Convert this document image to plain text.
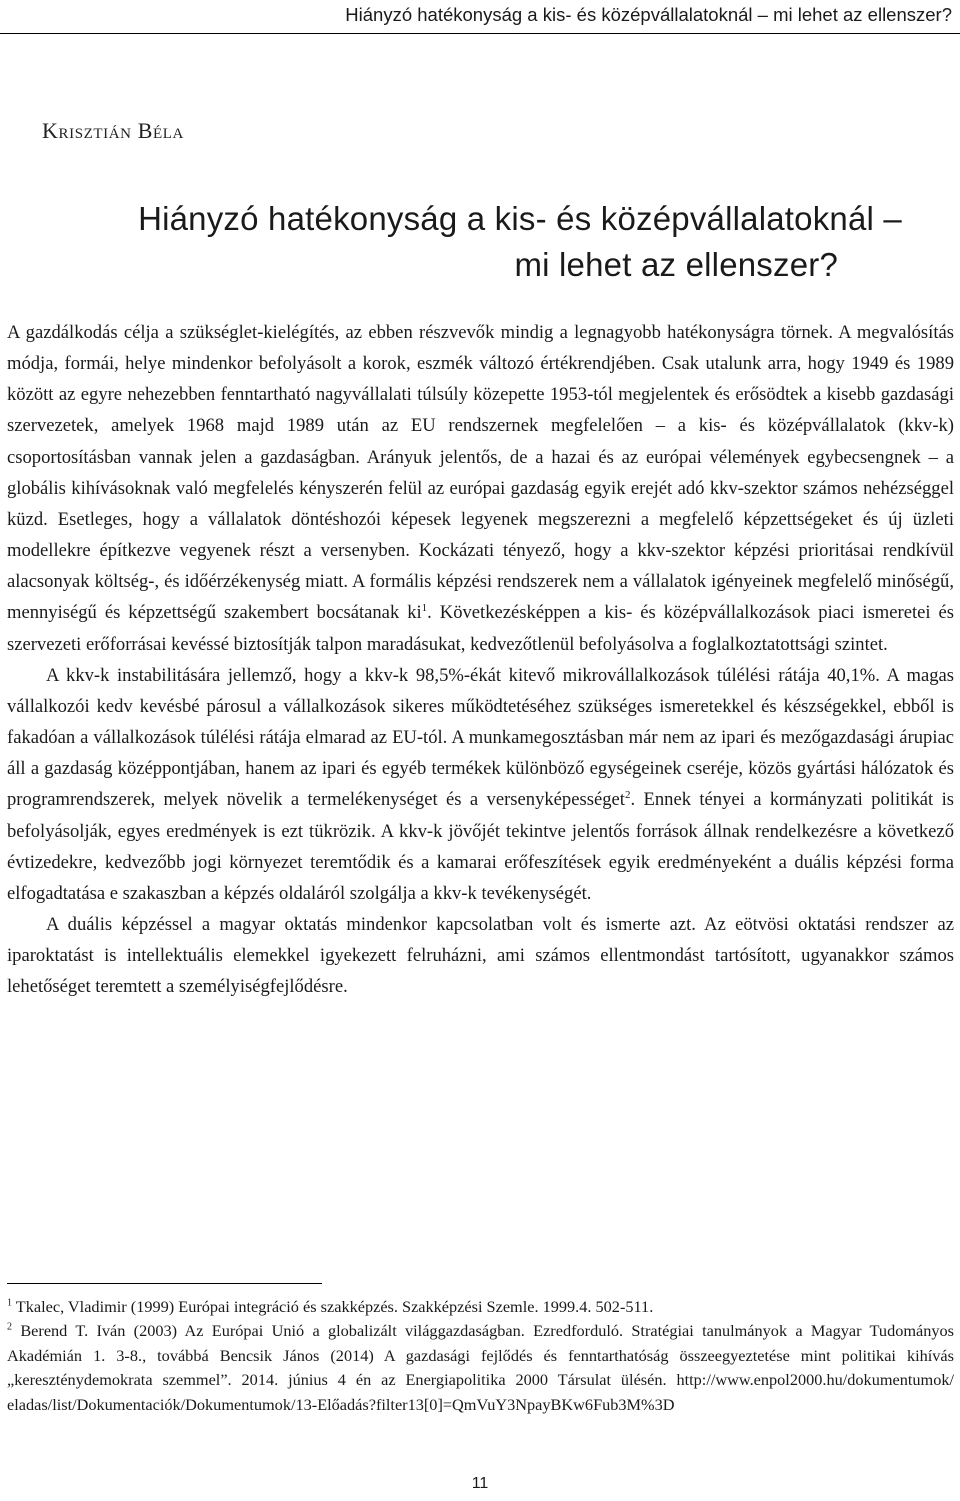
Hiányzó hatékonyság a kis- és középvállalatoknál – mi lehet az ellenszer?
Krisztián Béla
Hiányzó hatékonyság a kis- és középvállalatoknál –
mi lehet az ellenszer?

A gazdálkodás célja a szükséglet-kielégítés, az ebben részvevők mindig a legnagyobb hatékonyságra törnek. A megvalósítás módja, formái, helye mindenkor befolyásolt a korok, eszmék változó értékrendjében. Csak utalunk arra, hogy 1949 és 1989 között az egyre nehezebben fenntartható nagyvállalati túlsúly közepette 1953-tól megjelentek és erősödtek a kisebb gazdasági szervezetek, amelyek 1968 majd 1989 után az EU rendszernek megfelelően – a kis- és középvállalatok (kkv-k) csoportosításban vannak jelen a gazdaságban. Arányuk jelentős, de a hazai és az európai vélemények egybecsengnek – a globális kihívásoknak való megfelelés kényszerén felül az európai gazdaság egyik erejét adó kkv-szektor számos nehézséggel küzd. Esetleges, hogy a vállalatok döntéshozói képesek legyenek megszerezni a megfelelő képzettségeket és új üzleti modellekre építkezve vegyenek részt a versenyben. Kockázati tényező, hogy a kkv-szektor képzési prioritásai rendkívül alacsonyak költség-, és időérzékenység miatt. A formális képzési rendszerek nem a vállalatok igényeinek megfelelő minőségű, mennyiségű és képzettségű szakembert bocsátanak $ki^1$. Következésképpen a kis- és középvállalkozások piaci ismeretei és szervezeti erőforrásai kevéssé biztosítják talpon maradásukat, kedvezőtlenül befolyásolva a foglalkoztatottsági szintet.

A kkv-k instabilitására jellemző, hogy a kkv-k 98,5%-ékát kitevő mikrovállalkozások túlélési rátája 40,1%. A magas vállalkozói kedv kevésbé párosul a vállalkozások sikeres működtetéséhez szükséges ismeretekkel és készségekkel, ebből is fakadóan a vállalkozások túlélési rátája elmarad az EU-tól. A munkamegosztásban már nem az ipari és mezőgazdasági árupiac áll a gazdaság középpontjában, hanem az ipari és egyéb termékek különböző egységeinek cseréje, közös gyártási hálózatok és programrendszerek, melyek növelik a termelékenységet és a versenyképességet$^2$. Ennek tényei a kormányzati politikát is befolyásolják, egyes eredmények is ezt tükrözik. A kkv-k jövőjét tekintve jelentős források állnak rendelkezésre a következő évtizedekre, kedvezőbb jogi környezet teremtődik és a kamarai erőfeszítések egyik eredményeként a duális képzési forma elfogadtatása e szakaszban a képzés oldaláról szolgálja a kkv-k tevékenységét.

A duális képzéssel a magyar oktatás mindenkor kapcsolatban volt és ismerte azt. Az eötvösi oktatási rendszer az iparoktatást is intellektuális elemekkel igyekezett felruházni, ami számos ellentmondást tartósított, ugyanakkor számos lehetőséget teremtett a személyiségfejlődésre.

$^1$ Tkalec, Vladimir (1999) Európai integráció és szakképzés. Szakképzési Szemle. 1999.4. 502-511.

$^2$ Berend T. Iván (2003) Az Európai Unió a globalizált világgazdaságban. Ezredforduló. Stratégiai tanulmányok a Magyar Tudományos Akadémián 1. 3-8., továbbá Bencsik János (2014) A gazdasági fejlődés és fenntarthatóság összeegyeztetése mint politikai kihívás „kereszténydemokrata szemmel”. 2014. június 4 én az Energiapolitika 2000 Társulat ülésén. http://www.enpol2000.hu/dokumentumok/ eladas/list/Dokumentaciók/Dokumentumok/13-Előadás?filter13[0]=QmVuY3NpayBKw6Fub3M%3D

11
